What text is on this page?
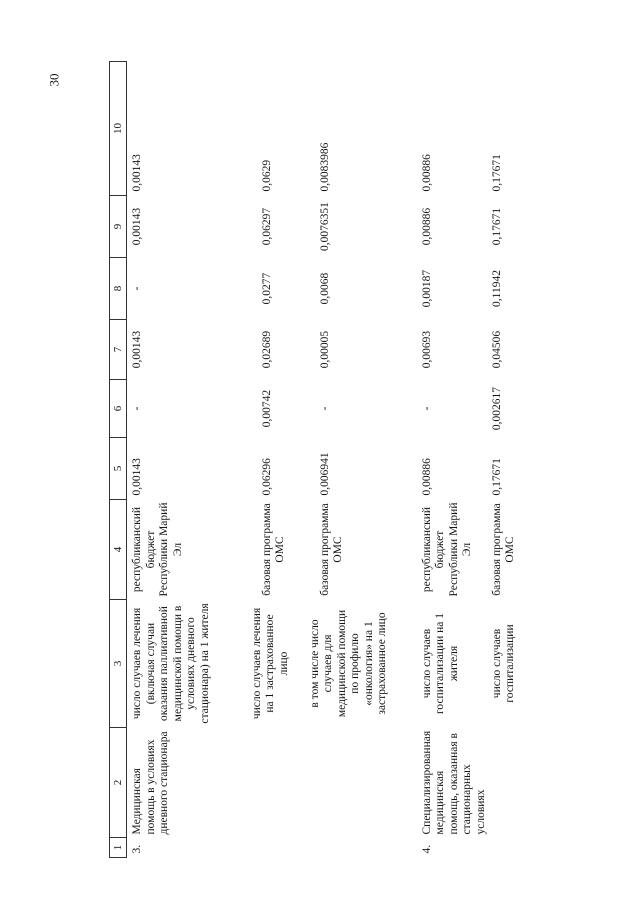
30
1	2	3	4	5	6	7	8	9	10
3.	Медицинская помощь в условиях дневного стационара	число случаев лечения (включая случаи оказания паллиативной медицинской помощи в условиях дневного стационара) на 1 жителя	республиканский бюджет Республики Марий Эл	0,00143	-	0,00143	-	0,00143	0,00143
		число случаев лечения на 1 застрахованное лицо	базовая программа ОМС	0,06296	0,00742	0,02689	0,0277	0,06297	0,0629
		в том числе число случаев для медицинской помощи по профилю «онкология» на 1 застрахованное лицо	базовая программа ОМС	0,006941	-	0,00005	0,0068	0,0076351	0,0083986
4.	Специализированная медицинская помощь, оказанная в стационарных условиях	число случаев госпитализации на 1 жителя	республиканский бюджет Республики Марий Эл	0,00886	-	0,00693	0,00187	0,00886	0,00886
		число случаев госпитализации	базовая программа ОМС	0,17671	0,002617	0,04506	0,11942	0,17671	0,17671
